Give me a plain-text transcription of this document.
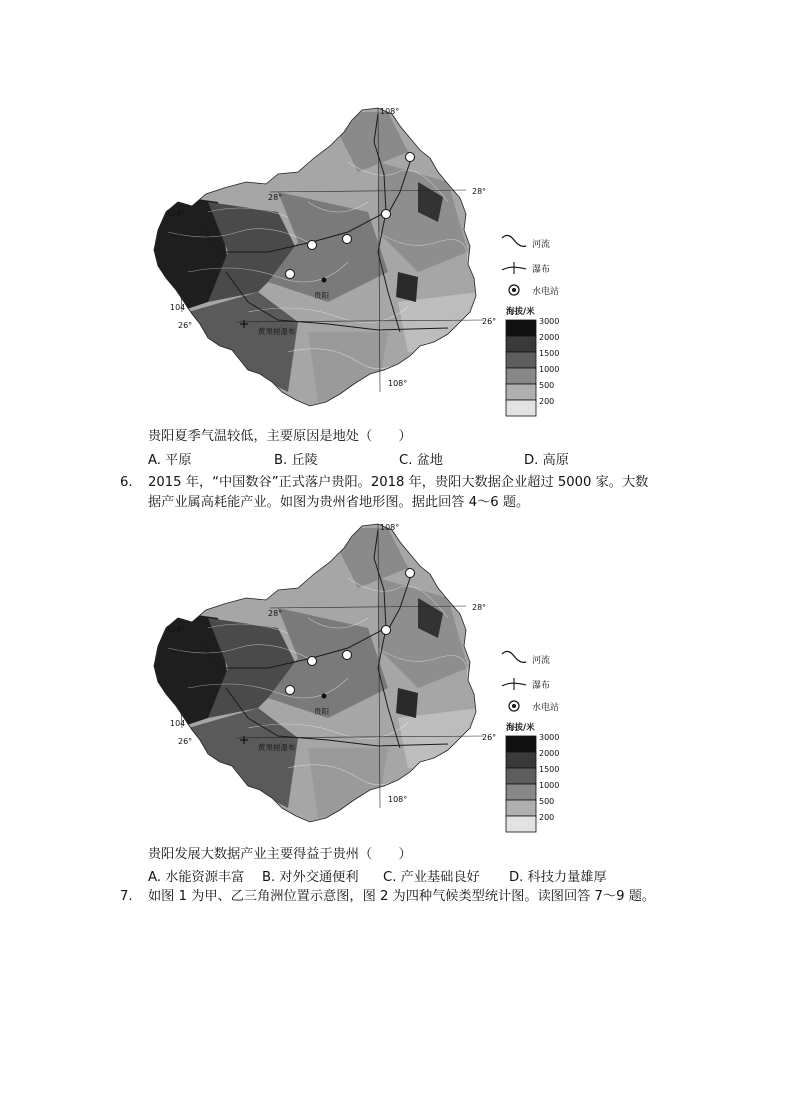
108°
108°
104°
104°
28°
28°
26°	26°
贵阳
黄果树瀑布
河流
瀑布
水电站
海拔/米
3000
2000
1500
1000
500
200
贵阳夏季气温较低，主要原因是地处（　　）
A. 平原	B. 丘陵	C. 盆地	D. 高原
6. 2015 年，“中国数谷”正式落户贵阳。2018 年，贵阳大数据企业超过 5000 家。大数
据产业属高耗能产业。如图为贵州省地形图。据此回答 4～6 题。
108°
108°
104°
104°
28°
28°
26°	26°
贵阳
黄果树瀑布
河流
瀑布
水电站
海拔/米
3000
2000
1500
1000
500
200
贵阳发展大数据产业主要得益于贵州（　　）
A. 水能资源丰富 B. 对外交通便利 C. 产业基础良好 D. 科技力量雄厚
7. 如图 1 为甲、乙三角洲位置示意图，图 2 为四种气候类型统计图。读图回答 7～9 题。
